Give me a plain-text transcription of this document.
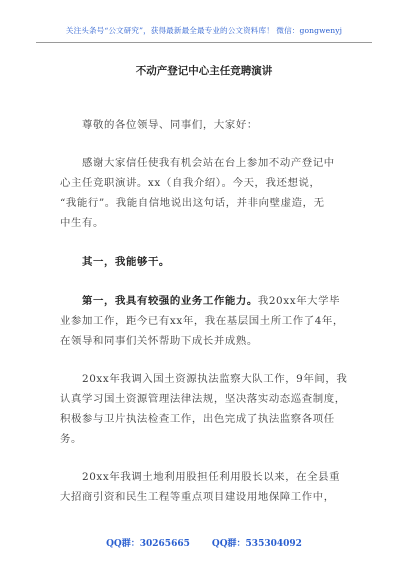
关注头条号“公文研究”，获得最新最全最专业的公文资料库！ 微信：gongwenyj
不动产登记中心主任竞聘演讲
尊敬的各位领导、同事们，大家好：
感谢大家信任使我有机会站在台上参加不动产登记中
心主任竞职演讲。xx（自我介绍）。今天，我还想说，
“我能行”。我能自信地说出这句话，并非向壁虚造，无
中生有。
其一，我能够干。
第一，我具有较强的业务工作能力。我20xx年大学毕
业参加工作，距今已有xx年，我在基层国土所工作了4年，
在领导和同事们关怀帮助下成长并成熟。
20xx年我调入国土资源执法监察大队工作，9年间，我
认真学习国土资源管理法律法规，坚决落实动态巡查制度，
积极参与卫片执法检查工作，出色完成了执法监察各项任
务。
20xx年我调土地利用股担任利用股长以来，在全县重
大招商引资和民生工程等重点项目建设用地保障工作中，
QQ群：30265665 QQ群：535304092
